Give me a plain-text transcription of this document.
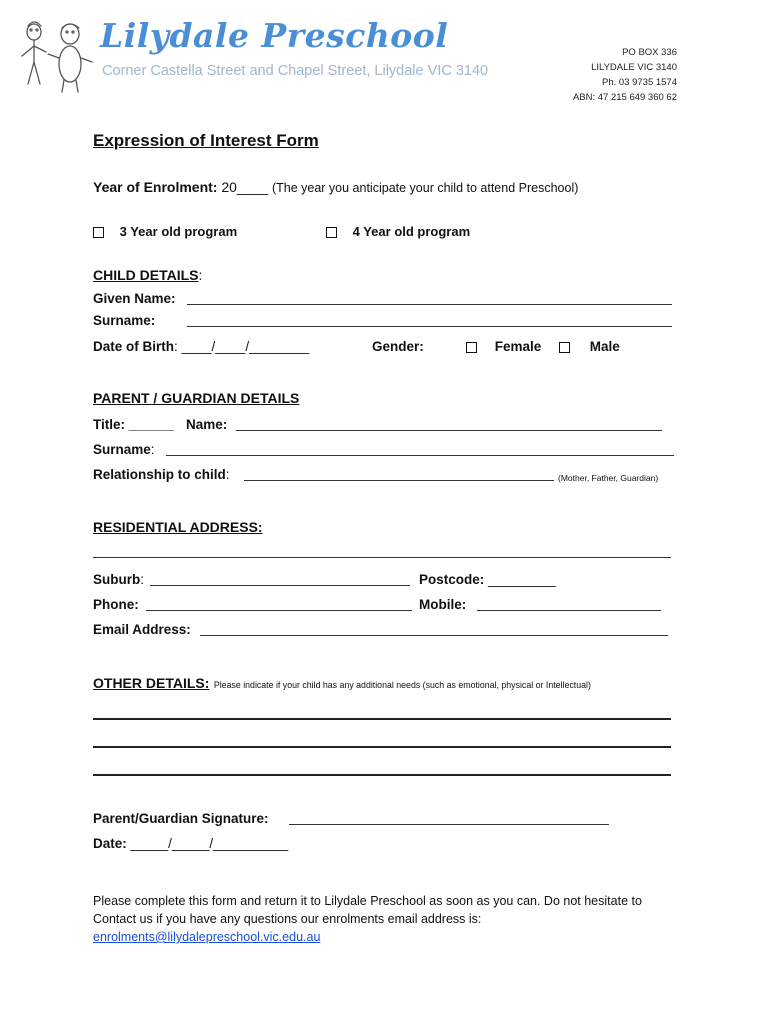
Lilydale Preschool
Corner Castella Street and Chapel Street, Lilydale VIC 3140
PO BOX 336
LILYDALE VIC 3140
Ph. 03 9735 1574
ABN: 47 215 649 360 62
Expression of Interest Form
Year of Enrolment: 20____ (The year you anticipate your child to attend Preschool)
3 Year old program	4 Year old program
CHILD DETAILS:
Given Name:
Surname:
Date of Birth: ____/____/________	Gender:	Female	Male
PARENT / GUARDIAN DETAILS
Title: ______ Name:
Surname:
Relationship to child:	(Mother, Father, Guardian)
RESIDENTIAL ADDRESS:
Suburb:	Postcode: _________
Phone:	Mobile:
Email Address:
OTHER DETAILS: Please indicate if your child has any additional needs (such as emotional, physical or Intellectual)
Parent/Guardian Signature:
Date: _____/_____/__________
Please complete this form and return it to Lilydale Preschool as soon as you can. Do not hesitate to Contact us if you have any questions our enrolments email address is:
enrolments@lilydalepreschool.vic.edu.au
